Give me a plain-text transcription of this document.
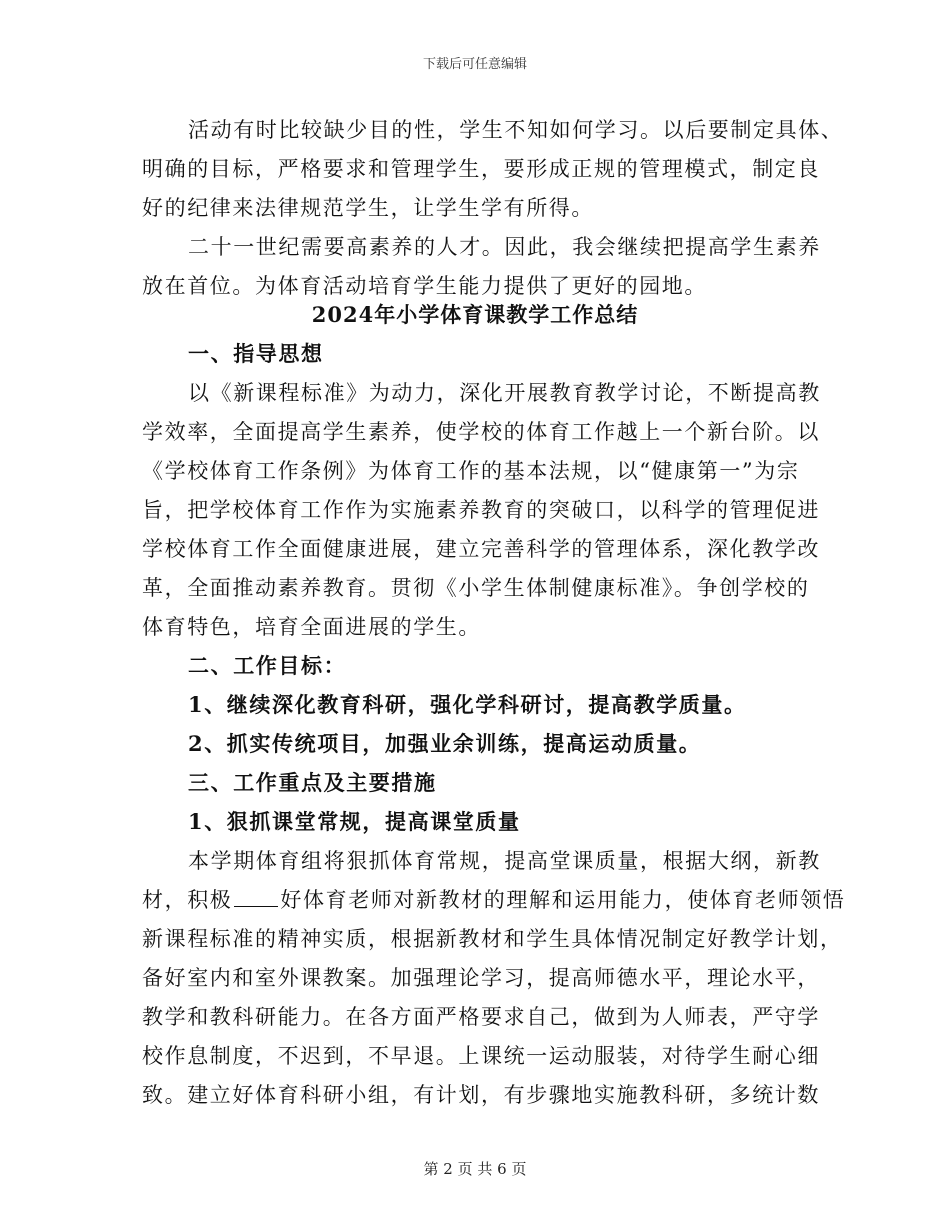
下载后可任意编辑
活动有时比较缺少目的性，学生不知如何学习。以后要制定具体、
明确的目标，严格要求和管理学生，要形成正规的管理模式，制定良
好的纪律来法律规范学生，让学生学有所得。
二十一世纪需要高素养的人才。因此，我会继续把提高学生素养
放在首位。为体育活动培育学生能力提供了更好的园地。
2024年小学体育课教学工作总结
一、指导思想
以《新课程标准》为动力，深化开展教育教学讨论，不断提高教
学效率，全面提高学生素养，使学校的体育工作越上一个新台阶。以
《学校体育工作条例》为体育工作的基本法规，以“健康第一”为宗
旨，把学校体育工作作为实施素养教育的突破口，以科学的管理促进
学校体育工作全面健康进展，建立完善科学的管理体系，深化教学改
革，全面推动素养教育。贯彻《小学生体制健康标准》。争创学校的
体育特色，培育全面进展的学生。
二、工作目标：
1、继续深化教育科研，强化学科研讨，提高教学质量。
2、抓实传统项目，加强业余训练，提高运动质量。
三、工作重点及主要措施
1、狠抓课堂常规，提高课堂质量
本学期体育组将狠抓体育常规，提高堂课质量，根据大纲，新教
材，积极 好体育老师对新教材的理解和运用能力，使体育老师领悟
新课程标准的精神实质，根据新教材和学生具体情况制定好教学计划，
备好室内和室外课教案。加强理论学习，提高师德水平，理论水平，
教学和教科研能力。在各方面严格要求自己，做到为人师表，严守学
校作息制度，不迟到，不早退。上课统一运动服装，对待学生耐心细
致。建立好体育科研小组，有计划，有步骤地实施教科研，多统计数
第 2 页 共 6 页
